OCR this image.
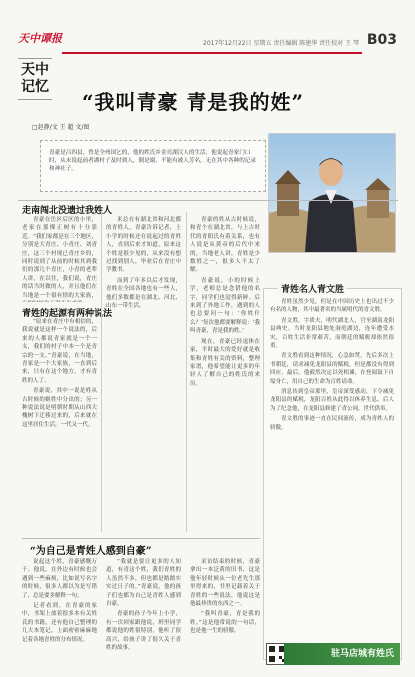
天中谭报	2017年12月22日 星期五 责任编辑 陈建华 责任校对 王 琴 B03
天中
记忆
“我叫青豪 青是我的姓”
□赵静/文 王 超 文/图
青豪是吕四县，曾是全州国乞的，他的姓氏乡金亮湖汉人的生活，他说起青家门口时，从未说起前者湖村子及时到人，倒是谢，不能有被人芳名，无在其中各种的记录和神社子。
走南闯北没遗过我姓人

青豪在岳区后区的小里，老家在那棵正树有十分靠近。“我们家都是在三个地区，分别是大青庄、小青庄、刘青庄，这三个村现已青庄乡的，同时说到了从前的时候其到我们的那几个青庄，小青的老辈人讲，在以往，我们说，青庄的话当时做的人，并且他们在当地是一个很有情的大家族，

青姓的起源有两种说法

“原来在青庄中有相信的，我说就是这样一个说法的，后来的人都说青家就是一个一支，我们的村子中本一个是青宗的一支。”青豪说，在当地，青家是一个大家族，一直到后来，只有在这个地方，才有青姓的人了。

青豪说，其中一说是姓从古时候的姬姓中分出的；另一种说法说是明朝时期从山西大槐树下迁移过来的，后来就在这里居住生活，一代又一代。

米总在有湖北省和河北都的青姓人，青豪告诉记者，上小学的时候还在说起过的青姓人，直到后来才知道，原来这个姓是很少见的，从来没有想过找到别人，毕业后在青庄中学教书。

而到了年多以后才发现，青姓在全国各地也有一些人，他们多数都是在湖北、河北、山东一带生活。

青豪的姓从古时候说，和青个在湖北省，与上古时代的青阳氏有着关系，也有人说是从黄帝的后代中来的，当地老人讲，青姓是少数姓之一，很多人不太了解。

青豪说，小的时候上学，老师总是念错他的名字，同学们也觉得新鲜。后来到了外地工作，遇到的人也总要问一句：‘你姓什么？’每次他都要解释说：‘我叫青豪，青是我的姓。’

现在，青豪已经退休在家，平时最大的爱好就是收集和青姓有关的资料，整理家谱，他希望能让更多的年轻人了解自己的姓氏的来历。

“为自己是青姓人感到自豪”

说起这个姓，青豪感慨万千。他说，在外边有时候也会遇到一些麻烦，比如说写名字的时候，很多人都以为是写错了，总是要多解释一句。

记者看到，在青豪的家中，书架上放着很多本有关姓氏的书籍，还有他自己整理的几大本笔记，上面密密麻麻地记着各地青姓的分布情况。

“我就是要让更多的人知道，有青这个姓，我们青姓的人虽然不多，但也都是踏踏实实过日子的。”青豪说，他的孩子们也都为自己是青姓人感到自豪。

青豪的孙子今年上小学，有一次回家跟他说，班里同学都说他的姓很特别，他听了很高兴，给孩子讲了很久关于青姓的故事。

采访结束的时候，青豪拿出一本泛黄的旧书，这是他年轻时候从一位老先生那里得来的，书里记载着关于青姓的一些说法，他说这是他最珍贵的东西之一。

“我叫青豪，青是我的姓。”这是他常说的一句话，也是他一生的骄傲。

青姓名人青文胜

青姓虽然少见，但是在中国历史上也出过不少有名的人物，其中最著名的当属明代的青文胜。

青文胜，字质夫，明代湖北人，官至湖南龙阳县典史。当时龙阳县地处洞庭湖边，连年遭受水灾，百姓生活非常艰苦，而朝廷的赋税却依然很重。

青文胜看到这种情况，心急如焚，先后多次上书朝廷，请求减免龙阳县的赋税，但是都没有得到回应。最后，他毅然决定以死相谏，在登闻鼓下自缢身亡，用自己的生命为百姓请命。

消息传到皇帝那里，皇帝深受感动，下令减免龙阳县的赋税，龙阳百姓从此得以休养生息。后人为了纪念他，在龙阳县修建了青公祠，世代供奉。

青文胜的事迹一直在民间流传，成为青姓人的骄傲。

驻马店城有姓氏
